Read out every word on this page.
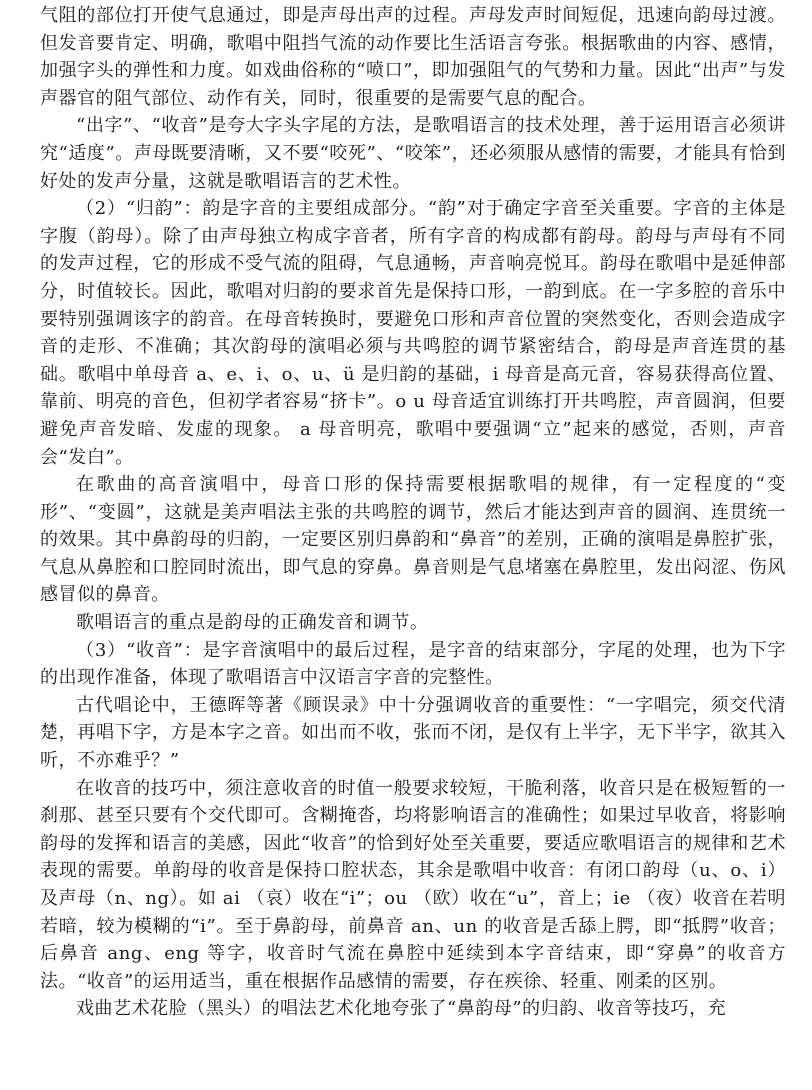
气阻的部位打开使气息通过，即是声母出声的过程。声母发声时间短促，迅速向韵母过渡。但发音要肯定、明确，歌唱中阻挡气流的动作要比生活语言夸张。根据歌曲的内容、感情，加强字头的弹性和力度。如戏曲俗称的“喷口”，即加强阻气的气势和力量。因此“出声”与发声器官的阻气部位、动作有关，同时，很重要的是需要气息的配合。

“出字”、“收音”是夸大字头字尾的方法，是歌唱语言的技术处理，善于运用语言必须讲究“适度”。声母既要清晰，又不要“咬死”、“咬笨”，还必须服从感情的需要，才能具有恰到好处的发声分量，这就是歌唱语言的艺术性。

（2）“归韵”：韵是字音的主要组成部分。“韵”对于确定字音至关重要。字音的主体是字腹（韵母）。除了由声母独立构成字音者，所有字音的构成都有韵母。韵母与声母有不同的发声过程，它的形成不受气流的阻碍，气息通畅，声音响亮悦耳。韵母在歌唱中是延伸部分，时值较长。因此，歌唱对归韵的要求首先是保持口形，一韵到底。在一字多腔的音乐中要特别强调该字的韵音。在母音转换时，要避免口形和声音位置的突然变化，否则会造成字音的走形、不准确；其次韵母的演唱必须与共鸣腔的调节紧密结合，韵母是声音连贯的基础。歌唱中单母音 a、e、i、o、u、ü 是归韵的基础，i 母音是高元音，容易获得高位置、靠前、明亮的音色，但初学者容易“挤卡”。o u 母音适宜训练打开共鸣腔，声音圆润，但要避免声音发暗、发虚的现象。 a 母音明亮，歌唱中要强调“立”起来的感觉，否则，声音会“发白”。

在歌曲的高音演唱中，母音口形的保持需要根据歌唱的规律，有一定程度的“变形”、“变圆”，这就是美声唱法主张的共鸣腔的调节，然后才能达到声音的圆润、连贯统一的效果。其中鼻韵母的归韵，一定要区别归鼻韵和“鼻音”的差别，正确的演唱是鼻腔扩张，气息从鼻腔和口腔同时流出，即气息的穿鼻。鼻音则是气息堵塞在鼻腔里，发出闷涩、伤风感冒似的鼻音。

歌唱语言的重点是韵母的正确发音和调节。

（3）“收音”：是字音演唱中的最后过程，是字音的结束部分，字尾的处理，也为下字的出现作准备，体现了歌唱语言中汉语言字音的完整性。

古代唱论中，王德晖等著《顾误录》中十分强调收音的重要性：“一字唱完，须交代清楚，再唱下字，方是本字之音。如出而不收，张而不闭，是仅有上半字，无下半字，欲其入听，不亦难乎？”

在收音的技巧中，须注意收音的时值一般要求较短，干脆利落，收音只是在极短暂的一刹那、甚至只要有个交代即可。含糊掩沓，均将影响语言的准确性；如果过早收音，将影响韵母的发挥和语言的美感，因此“收音”的恰到好处至关重要，要适应歌唱语言的规律和艺术表现的需要。单韵母的收音是保持口腔状态，其余是歌唱中收音：有闭口韵母（u、o、i）及声母（n、ng）。如 ai （哀）收在“i”；ou （欧）收在“u”，音上；ie （夜）收音在若明若暗，较为模糊的“i”。至于鼻韵母，前鼻音 an、un 的收音是舌舔上腭，即“抵腭”收音；后鼻音 ang、eng 等字，收音时气流在鼻腔中延续到本字音结束，即“穿鼻”的收音方法。“收音”的运用适当，重在根据作品感情的需要，存在疾徐、轻重、刚柔的区别。

戏曲艺术花脸（黑头）的唱法艺术化地夸张了“鼻韵母”的归韵、收音等技巧，充
